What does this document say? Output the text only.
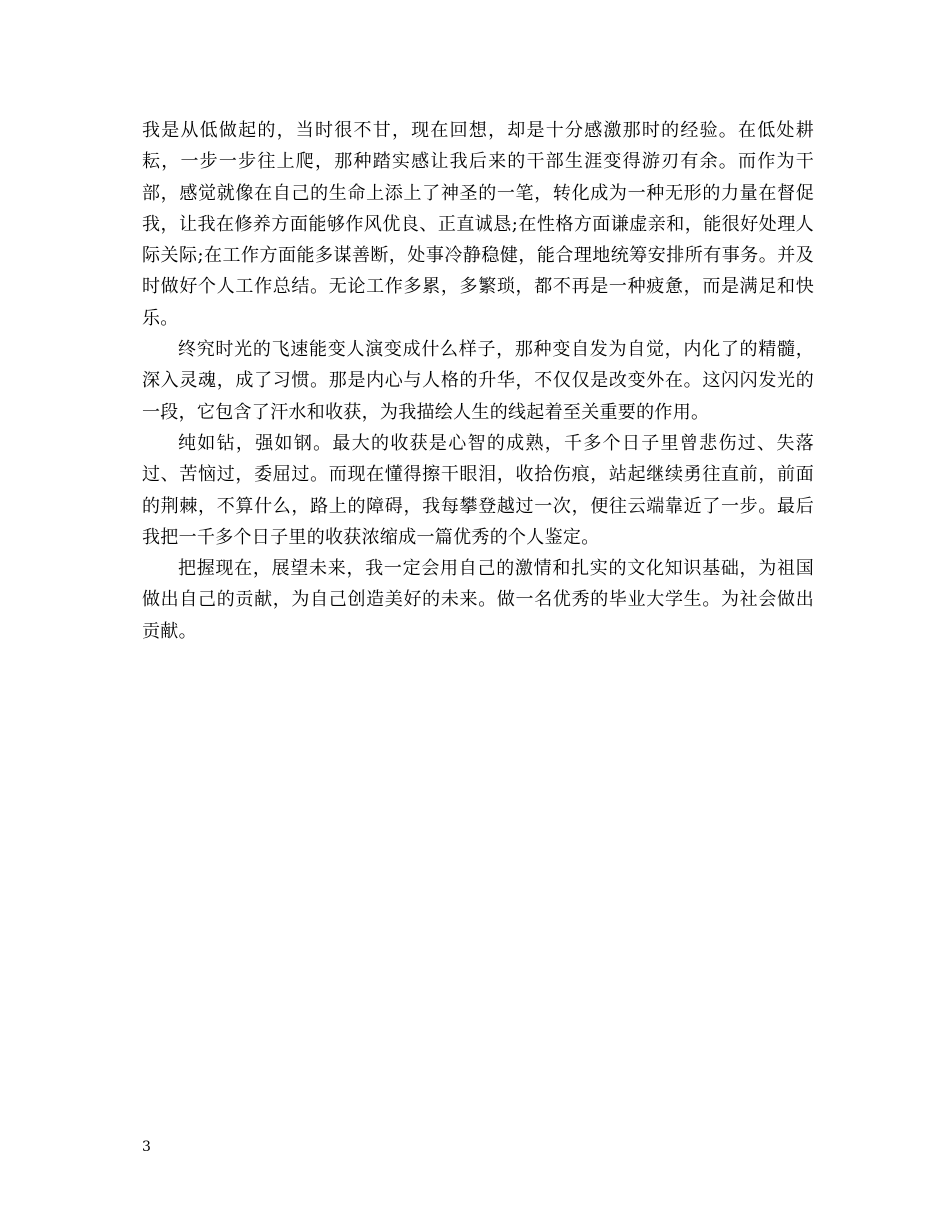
我是从低做起的，当时很不甘，现在回想，却是十分感激那时的经验。在低处耕耘，一步一步往上爬，那种踏实感让我后来的干部生涯变得游刃有余。而作为干部，感觉就像在自己的生命上添上了神圣的一笔，转化成为一种无形的力量在督促我，让我在修养方面能够作风优良、正直诚恳;在性格方面谦虚亲和，能很好处理人际关际;在工作方面能多谋善断，处事冷静稳健，能合理地统筹安排所有事务。并及时做好个人工作总结。无论工作多累，多繁琐，都不再是一种疲惫，而是满足和快乐。

终究时光的飞速能变人演变成什么样子，那种变自发为自觉，内化了的精髓，深入灵魂，成了习惯。那是内心与人格的升华，不仅仅是改变外在。这闪闪发光的一段，它包含了汗水和收获，为我描绘人生的线起着至关重要的作用。

纯如钻，强如钢。最大的收获是心智的成熟，千多个日子里曾悲伤过、失落过、苦恼过，委屈过。而现在懂得擦干眼泪，收拾伤痕，站起继续勇往直前，前面的荆棘，不算什么，路上的障碍，我每攀登越过一次，便往云端靠近了一步。最后我把一千多个日子里的收获浓缩成一篇优秀的个人鉴定。

把握现在，展望未来，我一定会用自己的激情和扎实的文化知识基础，为祖国做出自己的贡献，为自己创造美好的未来。做一名优秀的毕业大学生。为社会做出贡献。

3
